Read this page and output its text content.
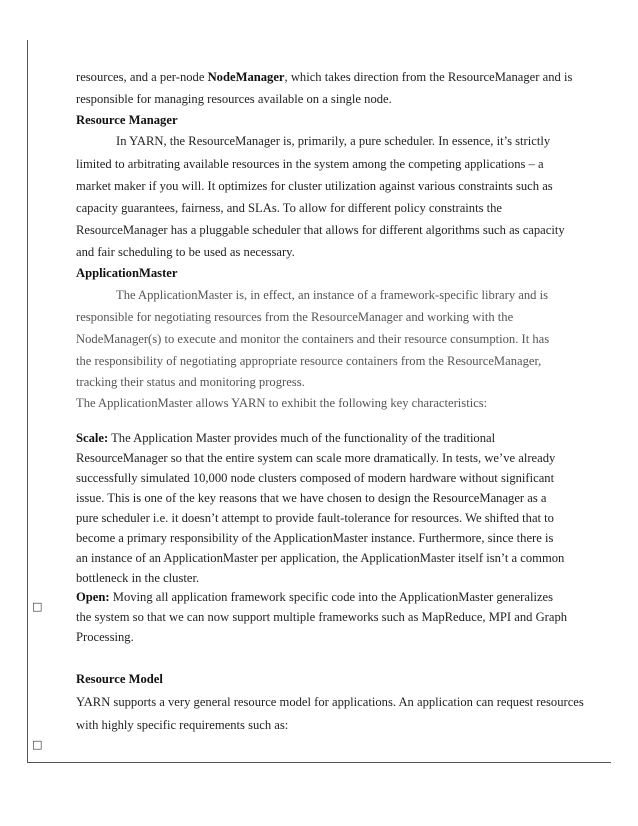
□
□
resources, and a per-node NodeManager, which takes direction from the ResourceManager and is
responsible for managing resources available on a single node.
Resource Manager
In YARN, the ResourceManager is, primarily, a pure scheduler. In essence, it’s strictly
limited to arbitrating available resources in the system among the competing applications – a
market maker if you will. It optimizes for cluster utilization against various constraints such as
capacity guarantees, fairness, and SLAs. To allow for different policy constraints the
ResourceManager has a pluggable scheduler that allows for different algorithms such as capacity
and fair scheduling to be used as necessary.
ApplicationMaster
The ApplicationMaster is, in effect, an instance of a framework-specific library and is
responsible for negotiating resources from the ResourceManager and working with the
NodeManager(s) to execute and monitor the containers and their resource consumption. It has
the responsibility of negotiating appropriate resource containers from the ResourceManager,
tracking their status and monitoring progress.
The ApplicationMaster allows YARN to exhibit the following key characteristics:
Scale: The Application Master provides much of the functionality of the traditional
ResourceManager so that the entire system can scale more dramatically. In tests, we’ve already
successfully simulated 10,000 node clusters composed of modern hardware without significant
issue. This is one of the key reasons that we have chosen to design the ResourceManager as a
pure scheduler i.e. it doesn’t attempt to provide fault-tolerance for resources. We shifted that to
become a primary responsibility of the ApplicationMaster instance. Furthermore, since there is
an instance of an ApplicationMaster per application, the ApplicationMaster itself isn’t a common
bottleneck in the cluster.
Open: Moving all application framework specific code into the ApplicationMaster generalizes
the system so that we can now support multiple frameworks such as MapReduce, MPI and Graph
Processing.
Resource Model
YARN supports a very general resource model for applications. An application can request resources
with highly specific requirements such as:
